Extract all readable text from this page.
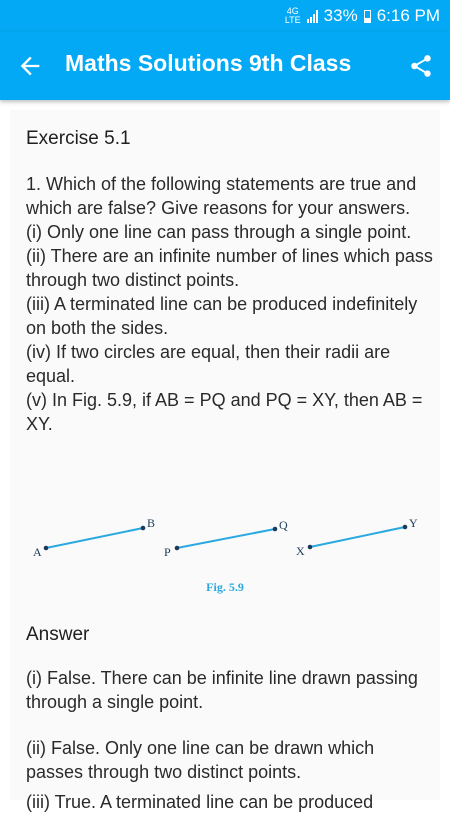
4G
LTE 33% 6:16 PM
Maths Solutions 9th Class
Exercise 5.1

1. Which of the following statements are true and which are false? Give reasons for your answers.

(i) Only one line can pass through a single point.

(ii) There are an infinite number of lines which pass through two distinct points.

(iii) A terminated line can be produced indefinitely on both the sides.

(iv) If two circles are equal, then their radii are equal.

(v) In Fig. 5.9, if AB = PQ and PQ = XY, then AB = XY.

A
B
P
Q
X
Y
Fig. 5.9
Answer

(i) False. There can be infinite line drawn passing through a single point.

(ii) False. Only one line can be drawn which passes through two distinct points.

(iii) True. A terminated line can be produced
